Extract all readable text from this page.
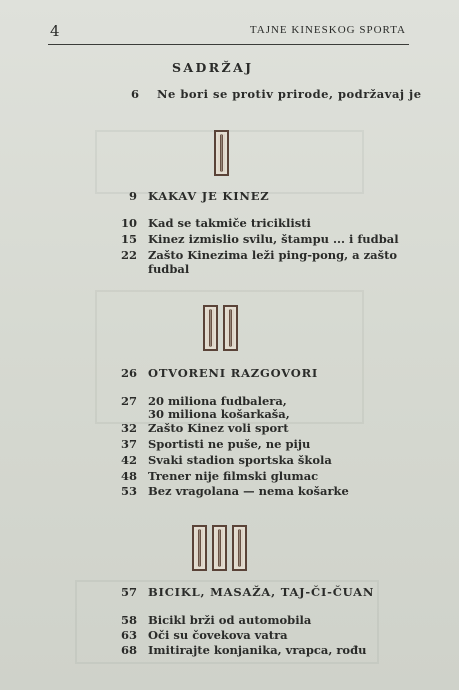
4	TAJNE KINESKOG SPORTA
SADRŽAJ
6 Ne bori se protiv prirode, podržavaj je
9 KAKAV JE KINEZ
10 Kad se takmiče triciklisti
15 Kinez izmislio svilu, štampu ... i fudbal
22 Zašto Kinezima leži ping-pong, a zašto
fudbal
26 OTVORENI RAZGOVORI
27 20 miliona fudbalera,
30 miliona košarkaša,
32 Zašto Kinez voli sport
37 Sportisti ne puše, ne piju
42 Svaki stadion sportska škola
48 Trener nije filmski glumac
53 Bez vragolana — nema košarke
57 BICIKL, MASAŽA, TAJ-ČI-ČUAN
58 Bicikl brži od automobila
63 Oči su čovekova vatra
68 Imitirajte konjanika, vrapca, rođu
